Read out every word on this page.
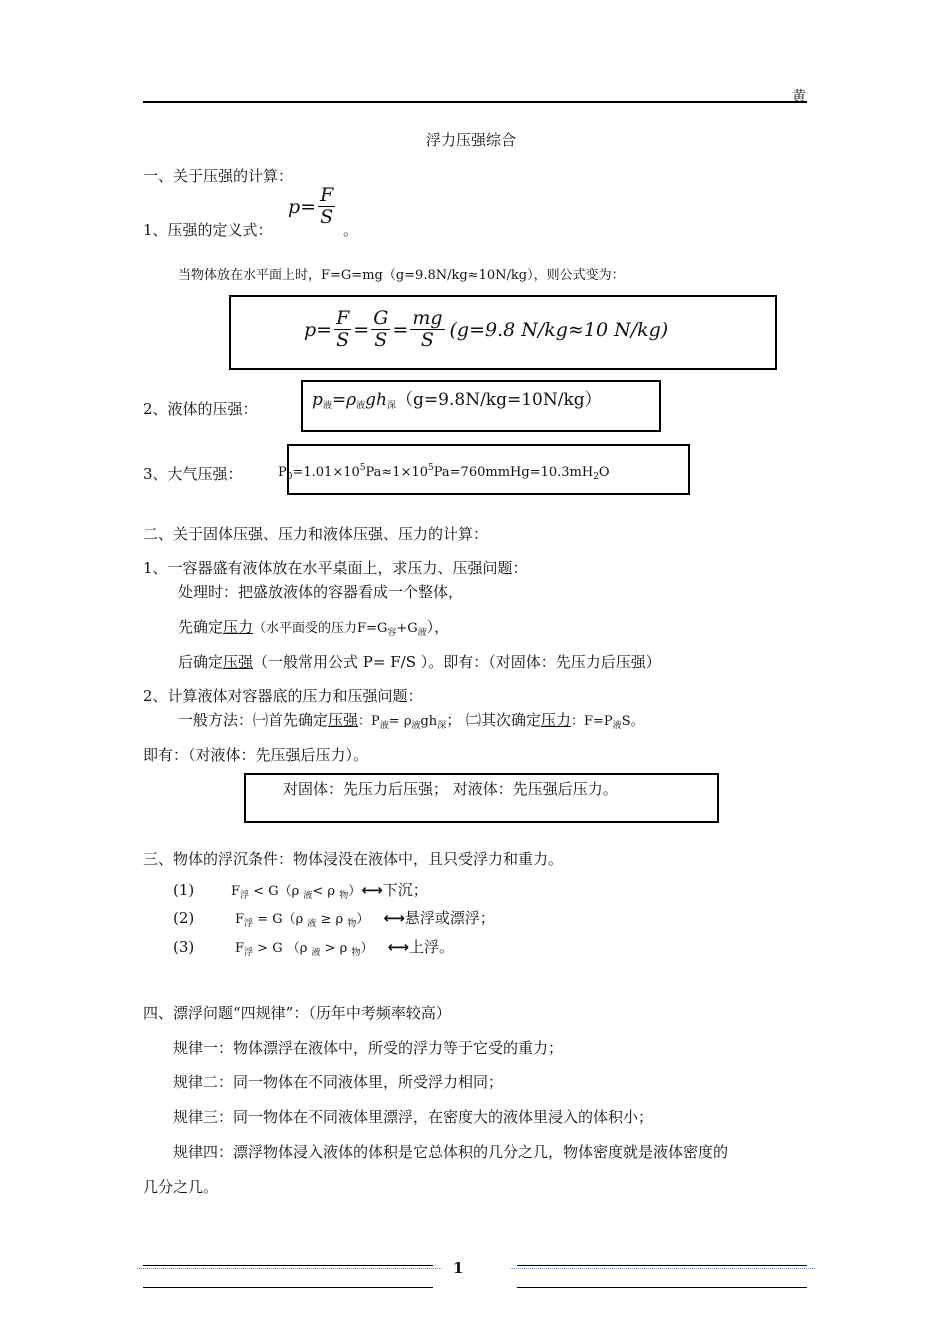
黄
浮力压强综合
一、关于压强的计算：
1、压强的定义式：
$p = \frac{F}{S}$
。
当物体放在水平面上时，F=G=mg（g=9.8N/kg≈10N/kg），则公式变为：
$p = \frac{F}{S} = \frac{G}{S} = \frac{mg}{S} (g=9.8$ N/kg≈10 N/kg)
2、液体的压强：	$p_液=\rho_液gh_深(g=9.8N/kg=10N/kg)$
3、大气压强：	$P_0=1.01\times 10^5Pa\approx 1\times 10^5Pa=760mmHg=10.3mH_2O$
二、关于固体压强、压力和液体压强、压力的计算：
1、一容器盛有液体放在水平桌面上，求压力、压强问题：
处理时：把盛放液体的容器看成一个整体，
先确定压力（水平面受的压力$F=G_容+G_液$），
后确定压强（一般常用公式 P= F/S ）。即有：（对固体：先压力后压强）
2、计算液体对容器底的压力和压强问题：
一般方法：㈠首先确定压强：$P_液= \rho_液gh_深$； ㈡其次确定压力：$F=P_液S$。
即有：（对液体：先压强后压力）。
对固体：先压力后压强； 对液体：先压强后压力。
三、物体的浮沉条件：物体浸没在液体中，且只受浮力和重力。
(1)	$F_浮 < G(\rho$ $_液$< ρ $_物$）⟷下沉；
(2)	$F_浮 = G(\rho$ $_液$ ≥ ρ $_物$） ⟷悬浮或漂浮；
(3)	$F_浮 > G$ （ρ $_液$ > ρ $_物$） ⟷上浮。
四、漂浮问题“四规律”：（历年中考频率较高）
规律一：物体漂浮在液体中，所受的浮力等于它受的重力；
规律二：同一物体在不同液体里，所受浮力相同；
规律三：同一物体在不同液体里漂浮，在密度大的液体里浸入的体积小；
规律四：漂浮物体浸入液体的体积是它总体积的几分之几，物体密度就是液体密度的
几分之几。
1
